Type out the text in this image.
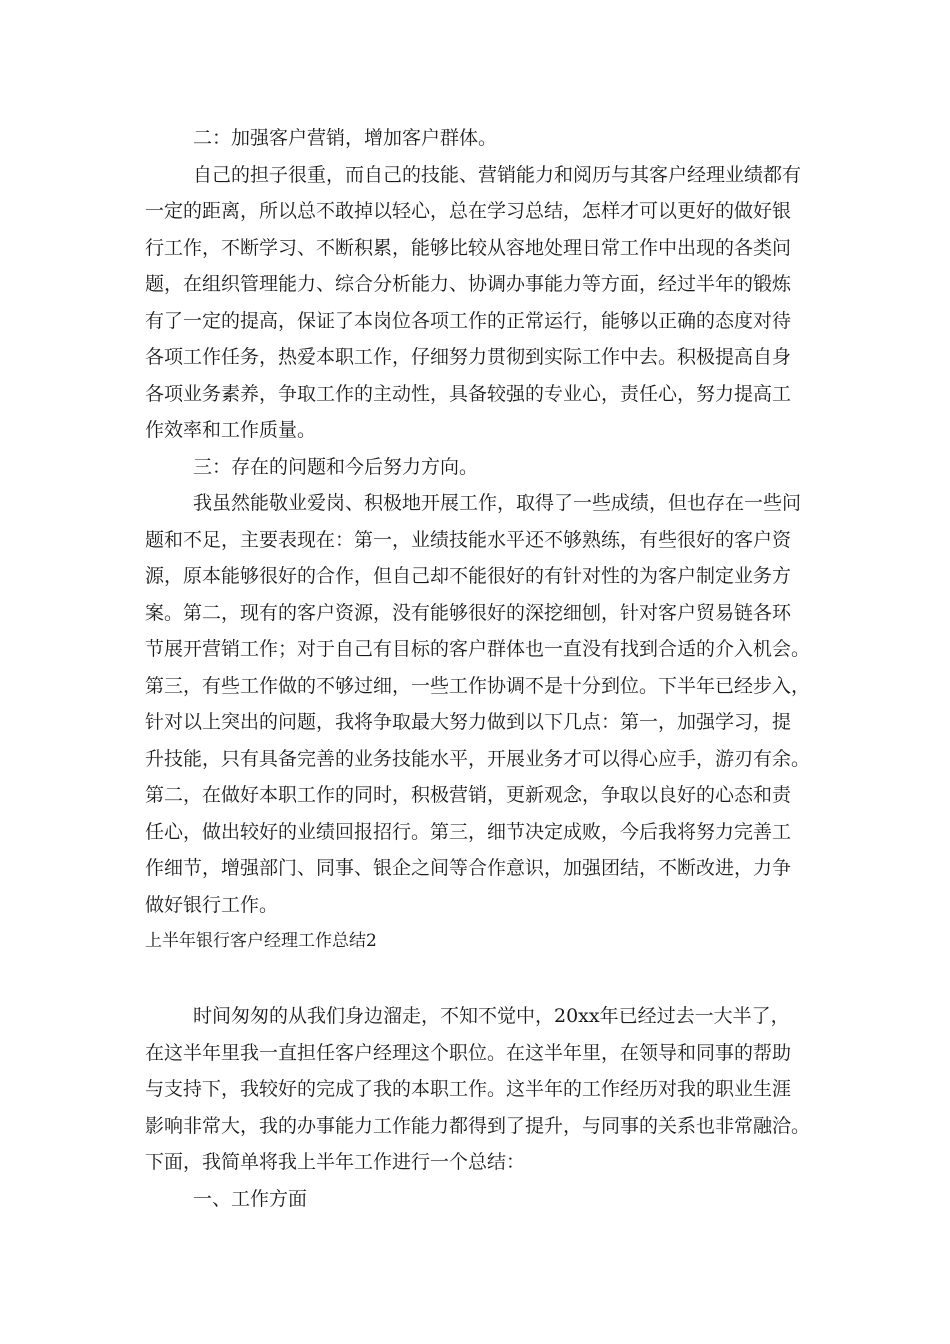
二：加强客户营销，增加客户群体。
自己的担子很重，而自己的技能、营销能力和阅历与其客户经理业绩都有
一定的距离，所以总不敢掉以轻心，总在学习总结，怎样才可以更好的做好银
行工作，不断学习、不断积累，能够比较从容地处理日常工作中出现的各类问
题，在组织管理能力、综合分析能力、协调办事能力等方面，经过半年的锻炼
有了一定的提高，保证了本岗位各项工作的正常运行，能够以正确的态度对待
各项工作任务，热爱本职工作，仔细努力贯彻到实际工作中去。积极提高自身
各项业务素养，争取工作的主动性，具备较强的专业心，责任心，努力提高工
作效率和工作质量。
三：存在的问题和今后努力方向。
我虽然能敬业爱岗、积极地开展工作，取得了一些成绩，但也存在一些问
题和不足，主要表现在：第一，业绩技能水平还不够熟练，有些很好的客户资
源，原本能够很好的合作，但自己却不能很好的有针对性的为客户制定业务方
案。第二，现有的客户资源，没有能够很好的深挖细刨，针对客户贸易链各环
节展开营销工作；对于自己有目标的客户群体也一直没有找到合适的介入机会。
第三，有些工作做的不够过细，一些工作协调不是十分到位。下半年已经步入，
针对以上突出的问题，我将争取最大努力做到以下几点：第一，加强学习，提
升技能，只有具备完善的业务技能水平，开展业务才可以得心应手，游刃有余。
第二，在做好本职工作的同时，积极营销，更新观念，争取以良好的心态和责
任心，做出较好的业绩回报招行。第三，细节决定成败，今后我将努力完善工
作细节，增强部门、同事、银企之间等合作意识，加强团结，不断改进，力争
做好银行工作。
上半年银行客户经理工作总结2
时间匆匆的从我们身边溜走，不知不觉中，20xx年已经过去一大半了，
在这半年里我一直担任客户经理这个职位。在这半年里，在领导和同事的帮助
与支持下，我较好的完成了我的本职工作。这半年的工作经历对我的职业生涯
影响非常大，我的办事能力工作能力都得到了提升，与同事的关系也非常融洽。
下面，我简单将我上半年工作进行一个总结：
一、工作方面
